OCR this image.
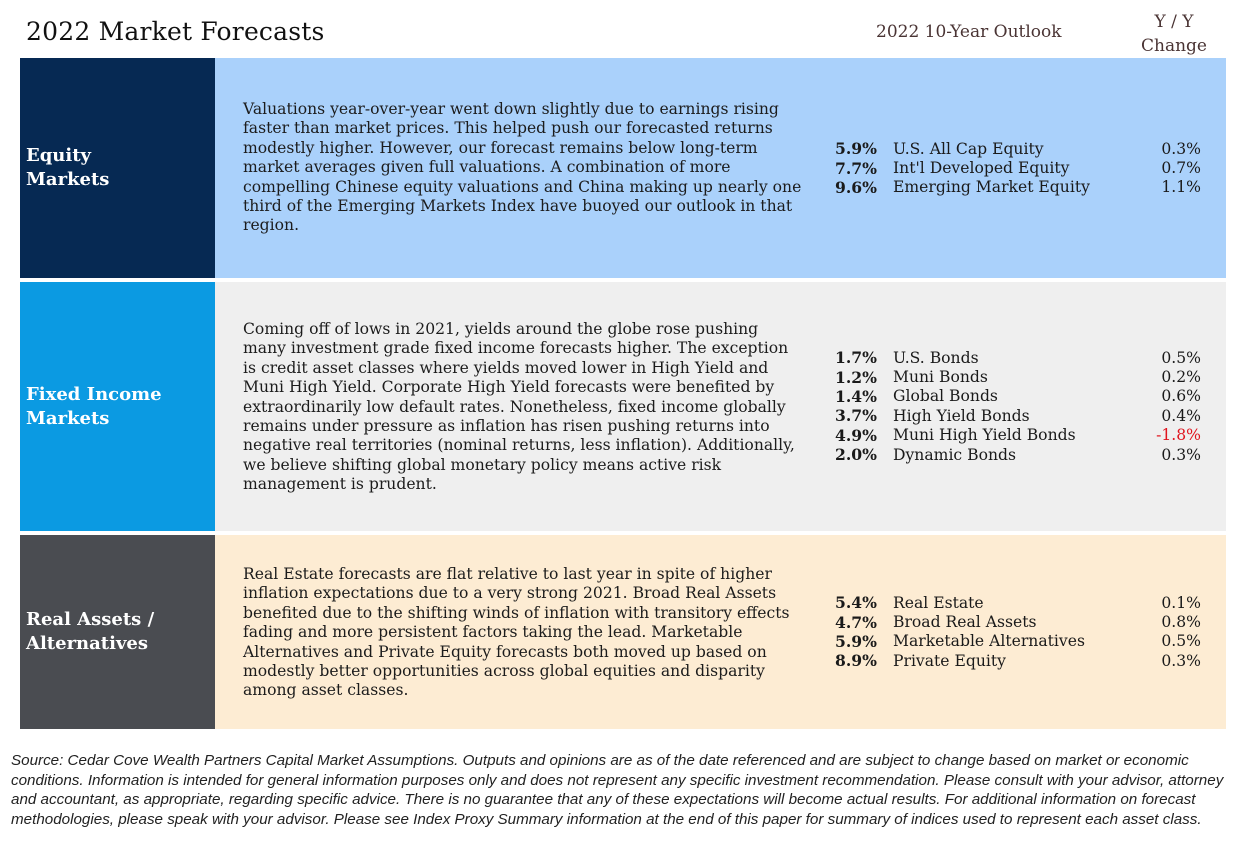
2022 Market Forecasts	2022 10-Year Outlook	Y / Y
Change
Equity
Markets

Valuations year-over-year went down slightly due to earnings rising faster than market prices. This helped push our forecasted returns modestly higher. However, our forecast remains below long-term market averages given full valuations. A combination of more compelling Chinese equity valuations and China making up nearly one third of the Emerging Markets Index have buoyed our outlook in that region.

5.9%	U.S. All Cap Equity	0.3%
7.7%	Int'l Developed Equity	0.7%
9.6%	Emerging Market Equity	1.1%
Fixed Income
Markets

Coming off of lows in 2021, yields around the globe rose pushing many investment grade fixed income forecasts higher. The exception is credit asset classes where yields moved lower in High Yield and Muni High Yield. Corporate High Yield forecasts were benefited by extraordinarily low default rates. Nonetheless, fixed income globally remains under pressure as inflation has risen pushing returns into negative real territories (nominal returns, less inflation). Additionally, we believe shifting global monetary policy means active risk management is prudent.

1.7%	U.S. Bonds	0.5%
1.2%	Muni Bonds	0.2%
1.4%	Global Bonds	0.6%
3.7%	High Yield Bonds	0.4%
4.9%	Muni High Yield Bonds	-1.8%
2.0%	Dynamic Bonds	0.3%
Real Assets /
Alternatives

Real Estate forecasts are flat relative to last year in spite of higher inflation expectations due to a very strong 2021. Broad Real Assets benefited due to the shifting winds of inflation with transitory effects fading and more persistent factors taking the lead. Marketable Alternatives and Private Equity forecasts both moved up based on modestly better opportunities across global equities and disparity among asset classes.

5.4%	Real Estate	0.1%
4.7%	Broad Real Assets	0.8%
5.9%	Marketable Alternatives	0.5%
8.9%	Private Equity	0.3%
Source: Cedar Cove Wealth Partners Capital Market Assumptions. Outputs and opinions are as of the date referenced and are subject to change based on market or economic conditions. Information is intended for general information purposes only and does not represent any specific investment recommendation. Please consult with your advisor, attorney and accountant, as appropriate, regarding specific advice. There is no guarantee that any of these expectations will become actual results. For additional information on forecast methodologies, please speak with your advisor. Please see Index Proxy Summary information at the end of this paper for summary of indices used to represent each asset class.
